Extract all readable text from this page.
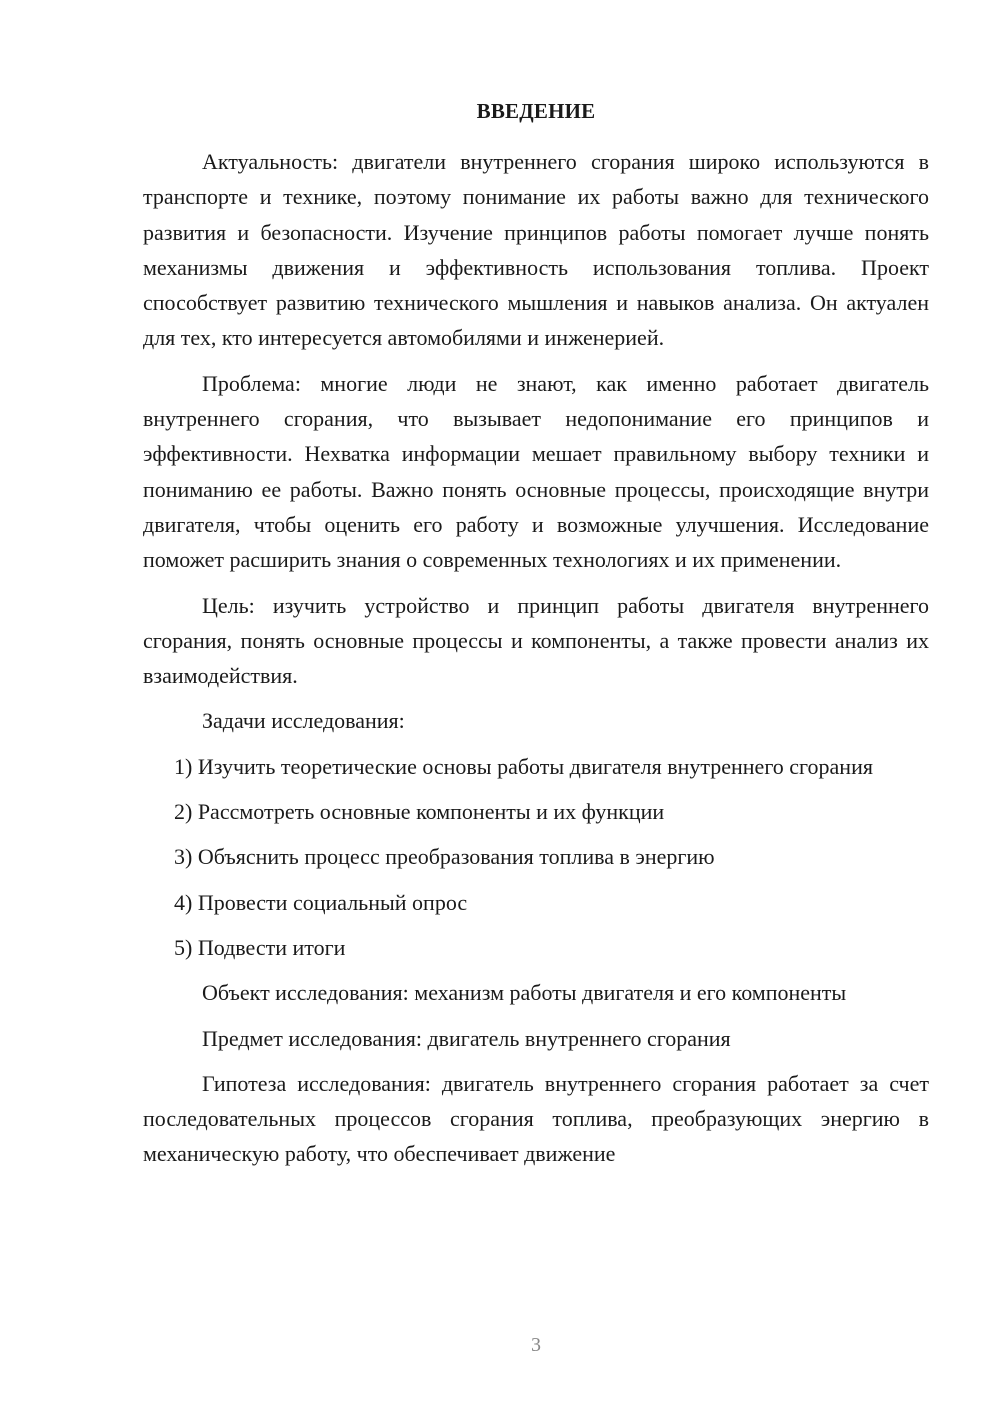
ВВЕДЕНИЕ

Актуальность: двигатели внутреннего сгорания широко используются в транспорте и технике, поэтому понимание их работы важно для технического развития и безопасности. Изучение принципов работы помогает лучше понять механизмы движения и эффективность использования топлива. Проект способствует развитию технического мышления и навыков анализа. Он актуален для тех, кто интересуется автомобилями и инженерией.

Проблема: многие люди не знают, как именно работает двигатель внутреннего сгорания, что вызывает недопонимание его принципов и эффективности. Нехватка информации мешает правильному выбору техники и пониманию ее работы. Важно понять основные процессы, происходящие внутри двигателя, чтобы оценить его работу и возможные улучшения. Исследование поможет расширить знания о современных технологиях и их применении.

Цель: изучить устройство и принцип работы двигателя внутреннего сгорания, понять основные процессы и компоненты, а также провести анализ их взаимодействия.

Задачи исследования:

1) Изучить теоретические основы работы двигателя внутреннего сгорания

2) Рассмотреть основные компоненты и их функции

3) Объяснить процесс преобразования топлива в энергию

4) Провести социальный опрос

5) Подвести итоги

Объект исследования: механизм работы двигателя и его компоненты

Предмет исследования: двигатель внутреннего сгорания

Гипотеза исследования: двигатель внутреннего сгорания работает за счет последовательных процессов сгорания топлива, преобразующих энергию в механическую работу, что обеспечивает движение

3
